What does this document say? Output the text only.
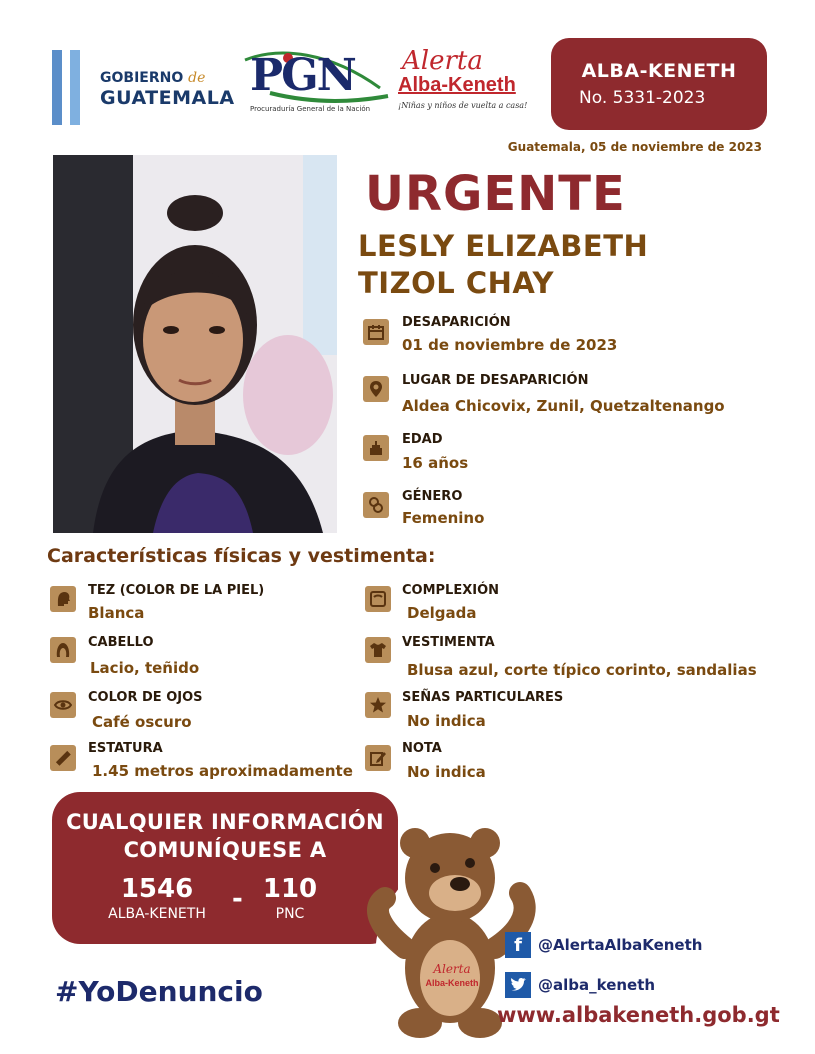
GOBIERNO de
GUATEMALA PGN
Procuraduría General de la Nación
Alerta
Alba-Keneth
¡Niñas y niños de vuelta a casa!
ALBA-KENETH
No. 5331-2023
Guatemala, 05 de noviembre de 2023
URGENTE
LESLY ELIZABETH
TIZOL CHAY
DESAPARICIÓN
01 de noviembre de 2023
LUGAR DE DESAPARICIÓN
Aldea Chicovix, Zunil, Quetzaltenango
EDAD
16 años
GÉNERO
Femenino
Características físicas y vestimenta:
TEZ (COLOR DE LA PIEL)
Blanca
CABELLO
Lacio, teñido
COLOR DE OJOS
Café oscuro
ESTATURA
1.45 metros aproximadamente
COMPLEXIÓN
Delgada
VESTIMENTA
Blusa azul, corte típico corinto, sandalias
SEÑAS PARTICULARES
No indica
NOTA
No indica
CUALQUIER INFORMACIÓN
COMUNÍQUESE A
1546
ALBA-KENETH	- 110
PNC
Alerta
Alba-Keneth
#YoDenuncio
f	@AlertaAlbaKeneth
@alba_keneth
www.albakeneth.gob.gt
